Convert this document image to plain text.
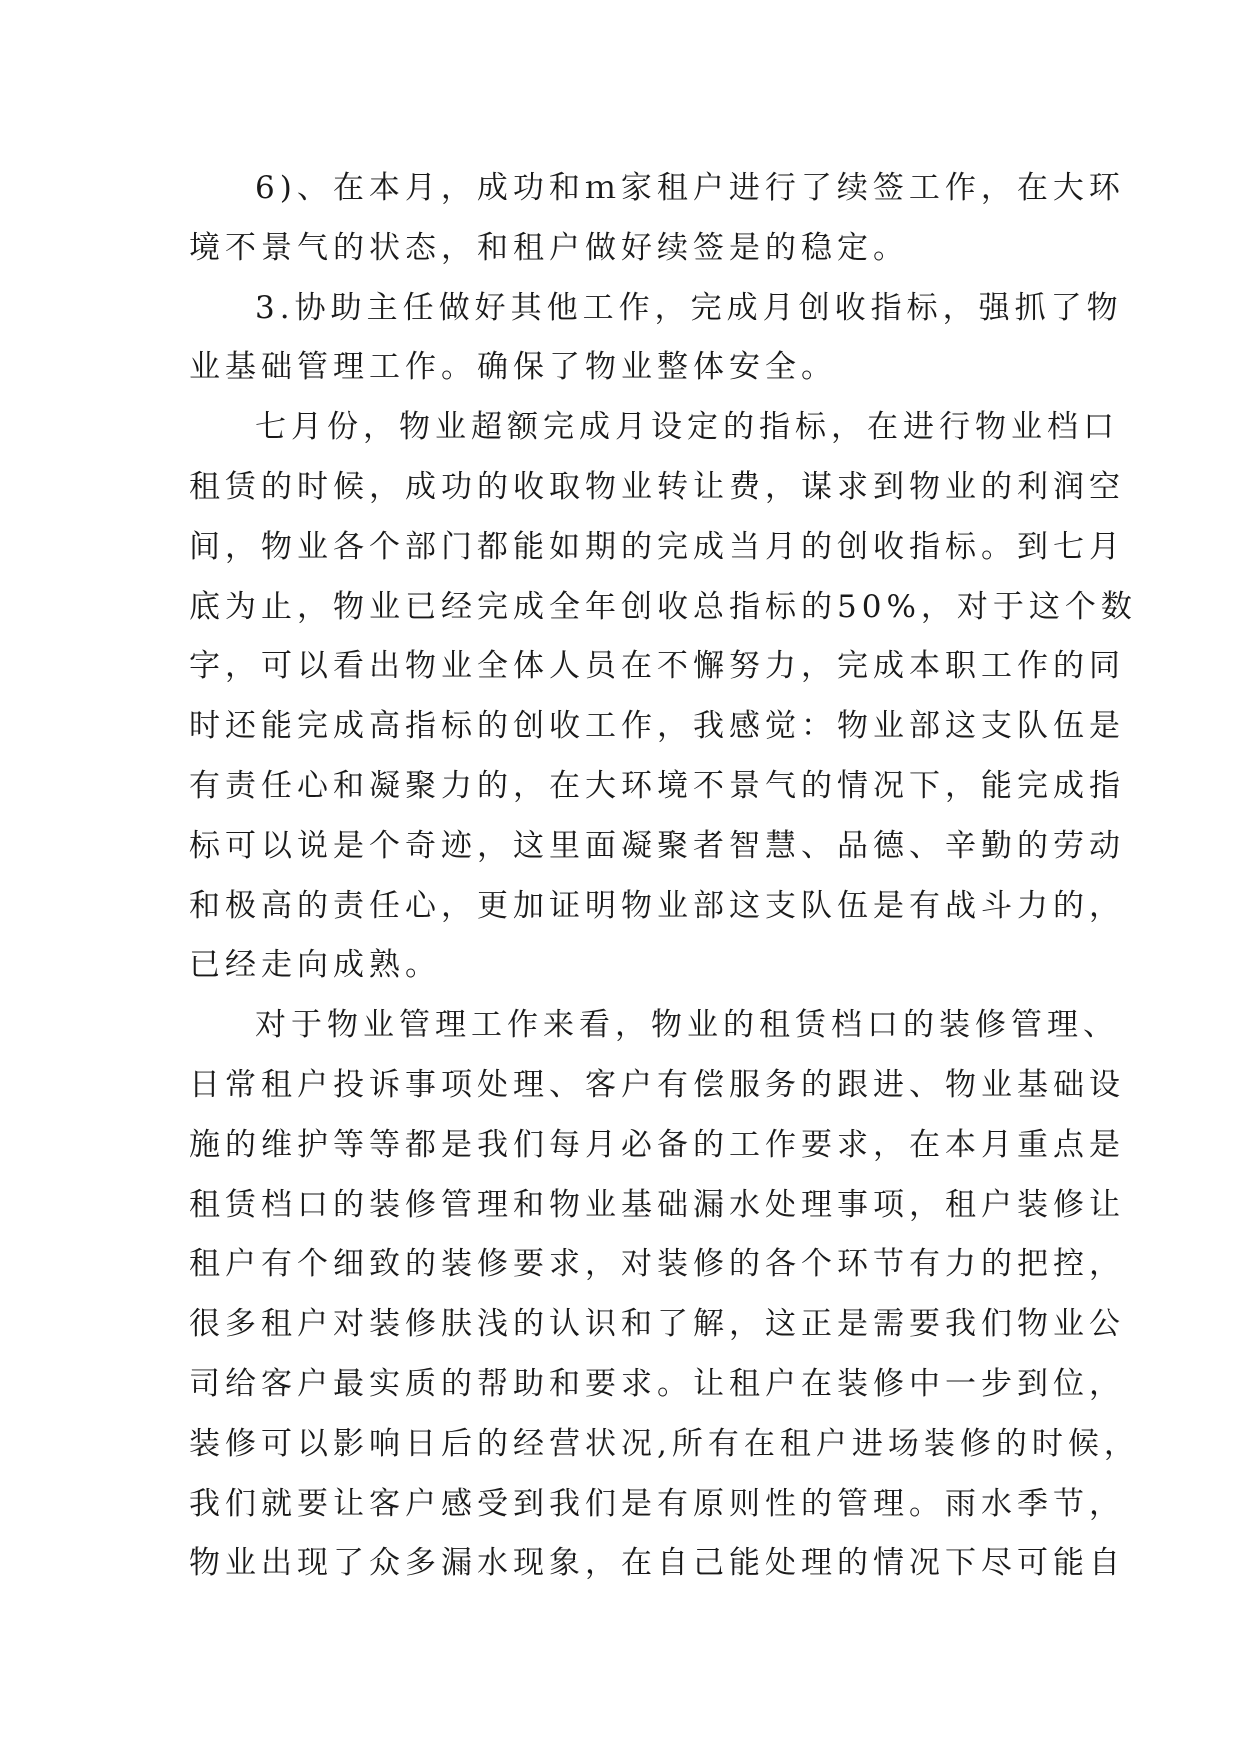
6)、在本月，成功和ｍ家租户进行了续签工作，在大环
境不景气的状态，和租户做好续签是的稳定。
3.协助主任做好其他工作，完成月创收指标，强抓了物
业基础管理工作。确保了物业整体安全。
七月份，物业超额完成月设定的指标，在进行物业档口
租赁的时候，成功的收取物业转让费，谋求到物业的利润空
间，物业各个部门都能如期的完成当月的创收指标。到七月
底为止，物业已经完成全年创收总指标的50%，对于这个数
字，可以看出物业全体人员在不懈努力，完成本职工作的同
时还能完成高指标的创收工作，我感觉：物业部这支队伍是
有责任心和凝聚力的，在大环境不景气的情况下，能完成指
标可以说是个奇迹，这里面凝聚者智慧、品德、辛勤的劳动
和极高的责任心，更加证明物业部这支队伍是有战斗力的，
已经走向成熟。
对于物业管理工作来看，物业的租赁档口的装修管理、
日常租户投诉事项处理、客户有偿服务的跟进、物业基础设
施的维护等等都是我们每月必备的工作要求，在本月重点是
租赁档口的装修管理和物业基础漏水处理事项，租户装修让
租户有个细致的装修要求，对装修的各个环节有力的把控，
很多租户对装修肤浅的认识和了解，这正是需要我们物业公
司给客户最实质的帮助和要求。让租户在装修中一步到位，
装修可以影响日后的经营状况,所有在租户进场装修的时候，
我们就要让客户感受到我们是有原则性的管理。雨水季节，
物业出现了众多漏水现象，在自己能处理的情况下尽可能自
